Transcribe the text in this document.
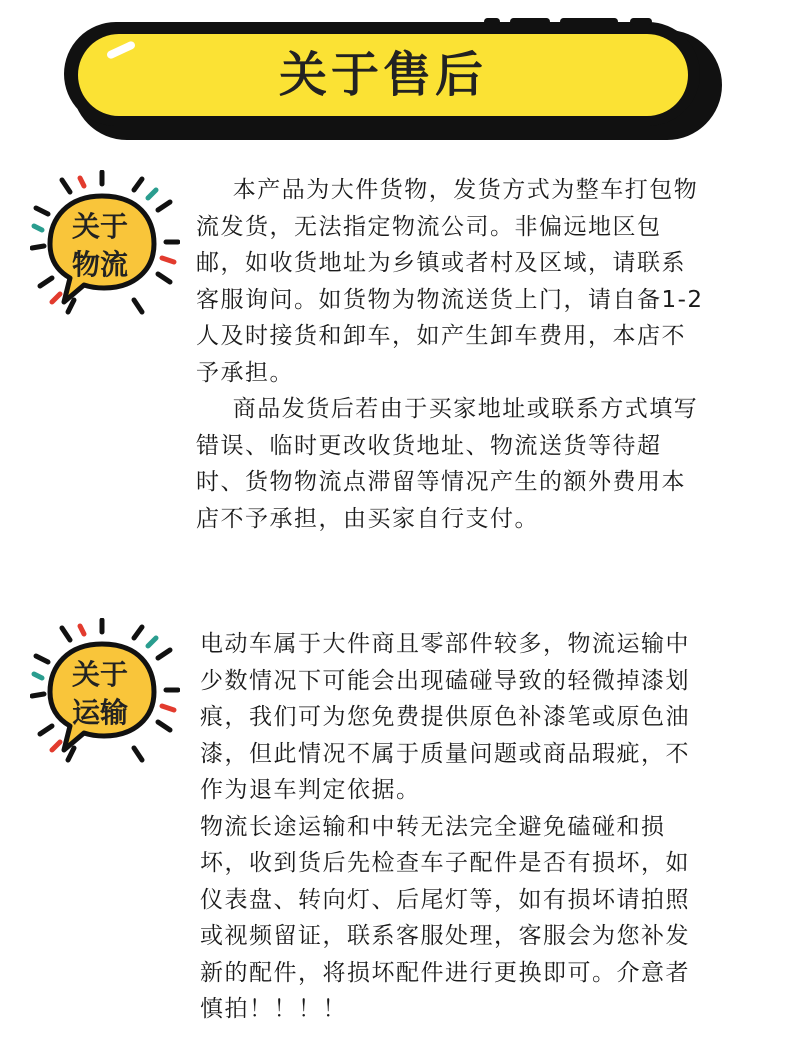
关于售后
关于
物流

本产品为大件货物，发货方式为整车打包物流发货，无法指定物流公司。非偏远地区包邮，如收货地址为乡镇或者村及区域，请联系客服询问。如货物为物流送货上门，请自备1-2人及时接货和卸车，如产生卸车费用，本店不予承担。

商品发货后若由于买家地址或联系方式填写错误、临时更改收货地址、物流送货等待超时、货物物流点滞留等情况产生的额外费用本店不予承担，由买家自行支付。

关于
运输

电动车属于大件商且零部件较多，物流运输中少数情况下可能会出现磕碰导致的轻微掉漆划痕，我们可为您免费提供原色补漆笔或原色油漆，但此情况不属于质量问题或商品瑕疵，不作为退车判定依据。

物流长途运输和中转无法完全避免磕碰和损坏，收到货后先检查车子配件是否有损坏，如仪表盘、转向灯、后尾灯等，如有损坏请拍照或视频留证，联系客服处理，客服会为您补发新的配件，将损坏配件进行更换即可。介意者慎拍！！！！
